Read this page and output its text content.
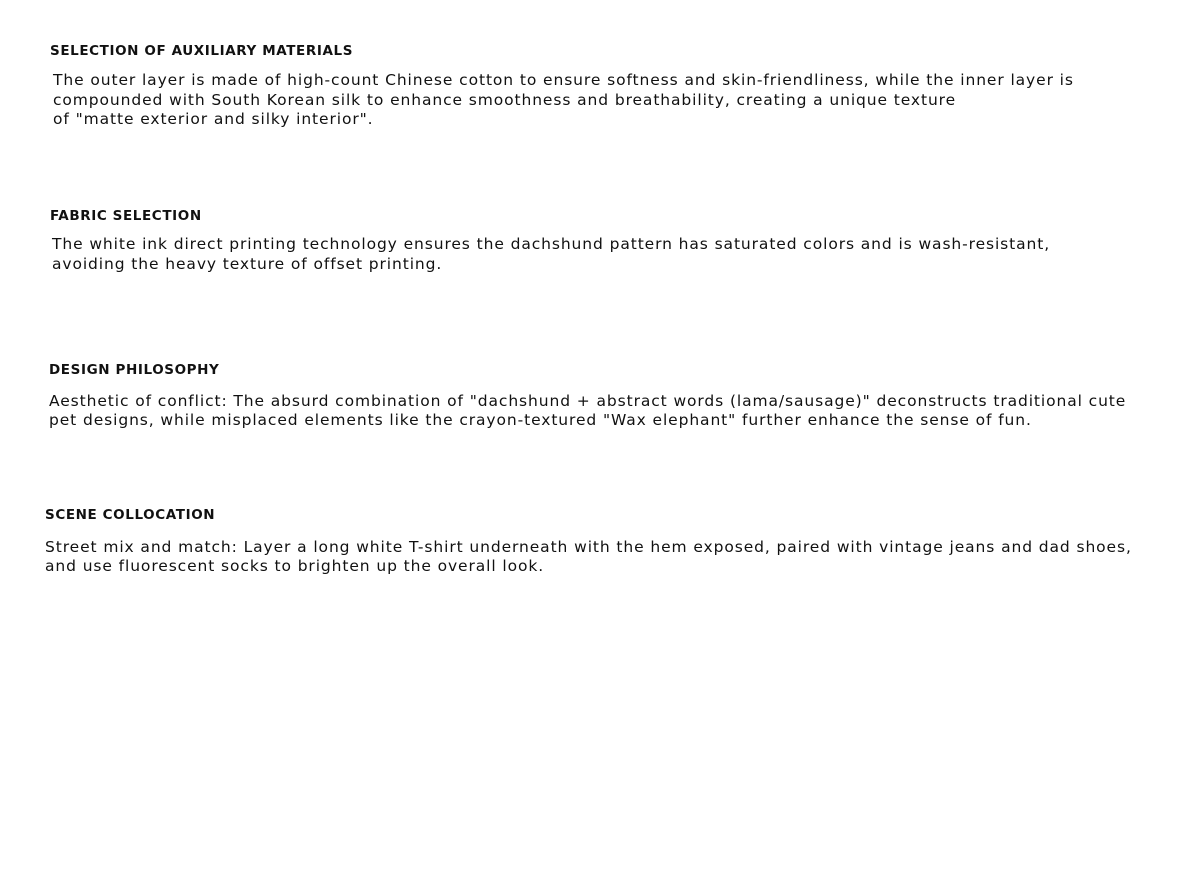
SELECTION OF AUXILIARY MATERIALS

The outer layer is made of high-count Chinese cotton to ensure softness and skin-friendliness, while the inner layer is

compounded with South Korean silk to enhance smoothness and breathability, creating a unique texture

of "matte exterior and silky interior".

FABRIC SELECTION

The white ink direct printing technology ensures the dachshund pattern has saturated colors and is wash-resistant,

avoiding the heavy texture of offset printing.

DESIGN PHILOSOPHY

Aesthetic of conflict: The absurd combination of "dachshund + abstract words (lama/sausage)" deconstructs traditional cute

pet designs, while misplaced elements like the crayon-textured "Wax elephant" further enhance the sense of fun.

SCENE COLLOCATION

Street mix and match: Layer a long white T-shirt underneath with the hem exposed, paired with vintage jeans and dad shoes,

and use fluorescent socks to brighten up the overall look.
